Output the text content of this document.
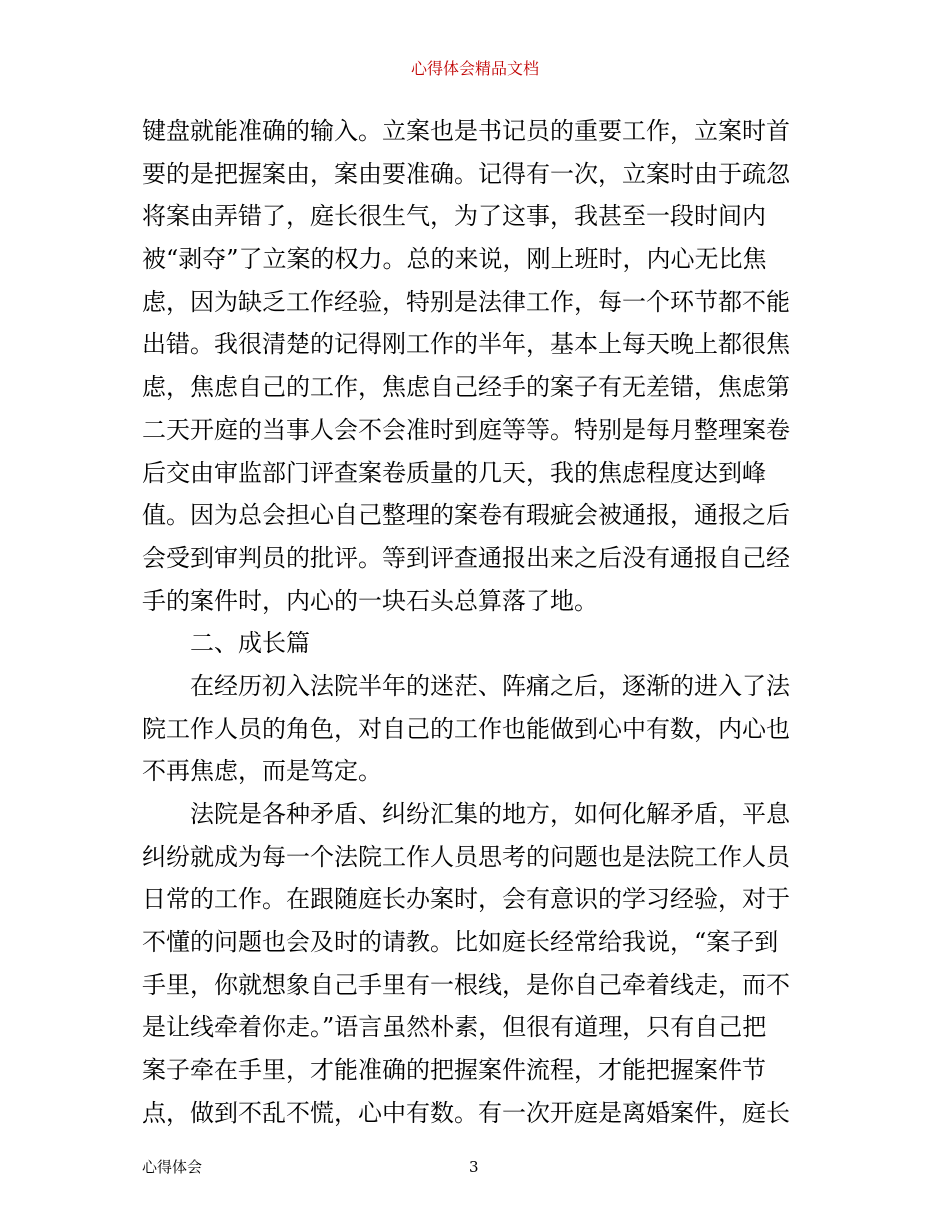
心得体会精品文档
键盘就能准确的输入。立案也是书记员的重要工作，立案时首
要的是把握案由，案由要准确。记得有一次，立案时由于疏忽
将案由弄错了，庭长很生气，为了这事，我甚至一段时间内
被“剥夺”了立案的权力。总的来说，刚上班时，内心无比焦
虑，因为缺乏工作经验，特别是法律工作，每一个环节都不能
出错。我很清楚的记得刚工作的半年，基本上每天晚上都很焦
虑，焦虑自己的工作，焦虑自己经手的案子有无差错，焦虑第
二天开庭的当事人会不会准时到庭等等。特别是每月整理案卷
后交由审监部门评查案卷质量的几天，我的焦虑程度达到峰
值。因为总会担心自己整理的案卷有瑕疵会被通报，通报之后
会受到审判员的批评。等到评查通报出来之后没有通报自己经
手的案件时，内心的一块石头总算落了地。
二、成长篇
在经历初入法院半年的迷茫、阵痛之后，逐渐的进入了法
院工作人员的角色，对自己的工作也能做到心中有数，内心也
不再焦虑，而是笃定。
法院是各种矛盾、纠纷汇集的地方，如何化解矛盾，平息
纠纷就成为每一个法院工作人员思考的问题也是法院工作人员
日常的工作。在跟随庭长办案时，会有意识的学习经验，对于
不懂的问题也会及时的请教。比如庭长经常给我说，“案子到
手里，你就想象自己手里有一根线，是你自己牵着线走，而不
是让线牵着你走。”语言虽然朴素，但很有道理，只有自己把
案子牵在手里，才能准确的把握案件流程，才能把握案件节
点，做到不乱不慌，心中有数。有一次开庭是离婚案件，庭长
心得体会	3
